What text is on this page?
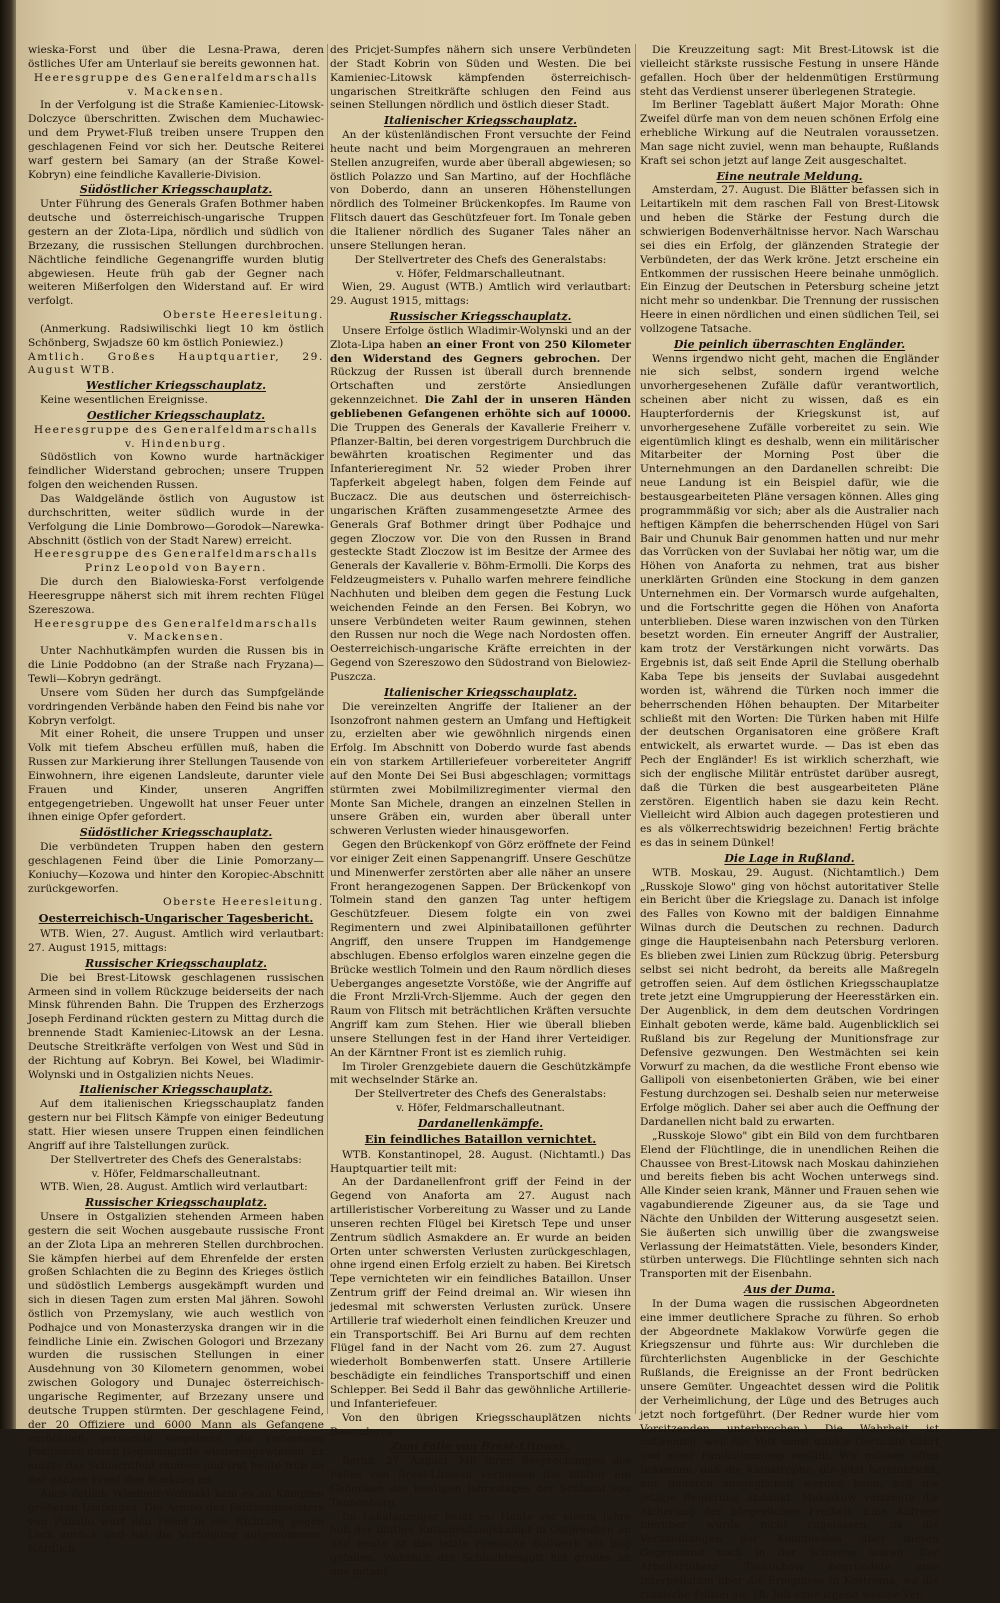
wieska-Forst und über die Lesna-Prawa, deren östliches Ufer am Unterlauf sie bereits gewonnen hat.

Heeresgruppe des Generalfeldmarschalls v. Mackensen.

In der Verfolgung ist die Straße Kamieniec-Litowsk-Dolczyce überschritten. Zwischen dem Muchawiec- und dem Prywet-Fluß treiben unsere Truppen den geschlagenen Feind vor sich her. Deutsche Reiterei warf gestern bei Samary (an der Straße Kowel-Kobryn) eine feindliche Kavallerie-Division.

Südöstlicher Kriegsschauplatz.

Unter Führung des Generals Grafen Bothmer haben deutsche und österreichisch-ungarische Truppen gestern an der Zlota-Lipa, nördlich und südlich von Brzezany, die russischen Stellungen durchbrochen. Nächtliche feindliche Gegenangriffe wurden blutig abgewiesen. Heute früh gab der Gegner nach weiteren Mißerfolgen den Widerstand auf. Er wird verfolgt.

Oberste Heeresleitung.

(Anmerkung. Radsiwilischki liegt 10 km östlich Schönberg, Swjadsze 60 km östlich Poniewiez.)

Amtlich. Großes Hauptquartier, 29. August WTB.

Westlicher Kriegsschauplatz.

Keine wesentlichen Ereignisse.

Oestlicher Kriegsschauplatz.

Heeresgruppe des Generalfeldmarschalls v. Hindenburg.

Südöstlich von Kowno wurde hartnäckiger feindlicher Widerstand gebrochen; unsere Truppen folgen den weichenden Russen.

Das Waldgelände östlich von Augustow ist durchschritten, weiter südlich wurde in der Verfolgung die Linie Dombrowo—Gorodok—Narewka-Abschnitt (östlich von der Stadt Narew) erreicht.

Heeresgruppe des Generalfeldmarschalls Prinz Leopold von Bayern.

Die durch den Bialowieska-Forst verfolgende Heeresgruppe näherst sich mit ihrem rechten Flügel Szereszowa.

Heeresgruppe des Generalfeldmarschalls v. Mackensen.

Unter Nachhutkämpfen wurden die Russen bis in die Linie Poddobno (an der Straße nach Fryzana)—Tewli—Kobryn gedrängt.

Unsere vom Süden her durch das Sumpfgelände vordringenden Verbände haben den Feind bis nahe vor Kobryn verfolgt.

Mit einer Roheit, die unsere Truppen und unser Volk mit tiefem Abscheu erfüllen muß, haben die Russen zur Markierung ihrer Stellungen Tausende von Einwohnern, ihre eigenen Landsleute, darunter viele Frauen und Kinder, unseren Angriffen entgegengetrieben. Ungewollt hat unser Feuer unter ihnen einige Opfer gefordert.

Südöstlicher Kriegsschauplatz.

Die verbündeten Truppen haben den gestern geschlagenen Feind über die Linie Pomorzany—Koniuchy—Kozowa und hinter den Koropiec-Abschnitt zurückgeworfen.

Oberste Heeresleitung.

Oesterreichisch-Ungarischer Tagesbericht.

WTB. Wien, 27. August. Amtlich wird verlautbart: 27. August 1915, mittags:

Russischer Kriegsschauplatz.

Die bei Brest-Litowsk geschlagenen russischen Armeen sind in vollem Rückzuge beiderseits der nach Minsk führenden Bahn. Die Truppen des Erzherzogs Joseph Ferdinand rückten gestern zu Mittag durch die brennende Stadt Kamieniec-Litowsk an der Lesna. Deutsche Streitkräfte verfolgen von West und Süd in der Richtung auf Kobryn. Bei Kowel, bei Wladimir-Wolynski und in Ostgalizien nichts Neues.

Italienischer Kriegsschauplatz.

Auf dem italienischen Kriegsschauplatz fanden gestern nur bei Flitsch Kämpfe von einiger Bedeutung statt. Hier wiesen unsere Truppen einen feindlichen Angriff auf ihre Talstellungen zurück.

Der Stellvertreter des Chefs des Generalstabs:

v. Höfer, Feldmarschalleutnant.

WTB. Wien, 28. August. Amtlich wird verlautbart:

Russischer Kriegsschauplatz.

Unsere in Ostgalizien stehenden Armeen haben gestern die seit Wochen ausgebaute russische Front an der Zlota Lipa an mehreren Stellen durchbrochen. Sie kämpfen hierbei auf dem Ehrenfelde der ersten großen Schlachten die zu Beginn des Krieges östlich und südöstlich Lembergs ausgekämpft wurden und sich in diesen Tagen zum ersten Mal jähren. Sowohl östlich von Przemyslany, wie auch westlich von Podhajce und von Monasterzyska drangen wir in die feindliche Linie ein. Zwischen Gologori und Brzezany wurden die russischen Stellungen in einer Ausdehnung von 30 Kilometern genommen, wobei zwischen Gologory und Dunajec österreichisch-ungarische Regimenter, auf Brzezany unsere und deutsche Truppen stürmten. Der geschlagene Feind, der 20 Offiziere und 6000 Mann als Gefangene zurückließ, versuchte vergebens, die verlorenen Positionen durch Gegenangriffe wiederzugewinnen. Er mußte das Schlachtfeld räumen und trat heute früh an der ganzen Front den Rückzug an.

Auch östlich Wladimir-Wolinski kam es zu Kämpfen größeren Umfanges. Die Armee des Feldzeugmeisters von Puhallo warf den Feind in der Richtung gegen Luck zurück und hat die Verfolgung aufgenommen. Nördlich

des Pricjet-Sumpfes nähern sich unsere Verbündeten der Stadt Kobrin von Süden und Westen. Die bei Kamieniec-Litowsk kämpfenden österreichisch-ungarischen Streitkräfte schlugen den Feind aus seinen Stellungen nördlich und östlich dieser Stadt.

Italienischer Kriegsschauplatz.

An der küstenländischen Front versuchte der Feind heute nacht und beim Morgengrauen an mehreren Stellen anzugreifen, wurde aber überall abgewiesen; so östlich Polazzo und San Martino, auf der Hochfläche von Doberdo, dann an unseren Höhenstellungen nördlich des Tolmeiner Brückenkopfes. Im Raume von Flitsch dauert das Geschützfeuer fort. Im Tonale geben die Italiener nördlich des Suganer Tales näher an unsere Stellungen heran.

Der Stellvertreter des Chefs des Generalstabs:

v. Höfer, Feldmarschalleutnant.

Wien, 29. August (WTB.) Amtlich wird verlautbart: 29. August 1915, mittags:

Russischer Kriegsschauplatz.

Unsere Erfolge östlich Wladimir-Wolynski und an der Zlota-Lipa haben an einer Front von 250 Kilometer den Widerstand des Gegners gebrochen. Der Rückzug der Russen ist überall durch brennende Ortschaften und zerstörte Ansiedlungen gekennzeichnet. Die Zahl der in unseren Händen gebliebenen Gefangenen erhöhte sich auf 10000. Die Truppen des Generals der Kavallerie Freiherr v. Pflanzer-Baltin, bei deren vorgestrigem Durchbruch die bewährten kroatischen Regimenter und das Infanterieregiment Nr. 52 wieder Proben ihrer Tapferkeit abgelegt haben, folgen dem Feinde auf Buczacz. Die aus deutschen und österreichisch-ungarischen Kräften zusammengesetzte Armee des Generals Graf Bothmer dringt über Podhajce und gegen Zloczow vor. Die von den Russen in Brand gesteckte Stadt Zloczow ist im Besitze der Armee des Generals der Kavallerie v. Böhm-Ermolli. Die Korps des Feldzeugmeisters v. Puhallo warfen mehrere feindliche Nachhuten und bleiben dem gegen die Festung Luck weichenden Feinde an den Fersen. Bei Kobryn, wo unsere Verbündeten weiter Raum gewinnen, stehen den Russen nur noch die Wege nach Nordosten offen. Oesterreichisch-ungarische Kräfte erreichten in der Gegend von Szereszowo den Südostrand von Bielowiez-Puszcza.

Italienischer Kriegsschauplatz.

Die vereinzelten Angriffe der Italiener an der Isonzofront nahmen gestern an Umfang und Heftigkeit zu, erzielten aber wie gewöhnlich nirgends einen Erfolg. Im Abschnitt von Doberdo wurde fast abends ein von starkem Artilleriefeuer vorbereiteter Angriff auf den Monte Dei Sei Busi abgeschlagen; vormittags stürmten zwei Mobilmilizregimenter viermal den Monte San Michele, drangen an einzelnen Stellen in unsere Gräben ein, wurden aber überall unter schweren Verlusten wieder hinausgeworfen.

Gegen den Brückenkopf von Görz eröffnete der Feind vor einiger Zeit einen Sappenangriff. Unsere Geschütze und Minenwerfer zerstörten aber alle näher an unsere Front herangezogenen Sappen. Der Brückenkopf von Tolmein stand den ganzen Tag unter heftigem Geschützfeuer. Diesem folgte ein von zwei Regimentern und zwei Alpinibataillonen geführter Angriff, den unsere Truppen im Handgemenge abschlugen. Ebenso erfolglos waren einzelne gegen die Brücke westlich Tolmein und den Raum nördlich dieses Ueberganges angesetzte Vorstöße, wie der Angriffe auf die Front Mrzli-Vrch-Sljemme. Auch der gegen den Raum von Flitsch mit beträchtlichen Kräften versuchte Angriff kam zum Stehen. Hier wie überall blieben unsere Stellungen fest in der Hand ihrer Verteidiger. An der Kärntner Front ist es ziemlich ruhig.

Im Tiroler Grenzgebiete dauern die Geschützkämpfe mit wechselnder Stärke an.

Der Stellvertreter des Chefs des Generalstabs:

v. Höfer, Feldmarschalleutnant.

Dardanellenkämpfe.
Ein feindliches Bataillon vernichtet.

WTB. Konstantinopel, 28. August. (Nichtamtl.) Das Hauptquartier teilt mit:

An der Dardanellenfront griff der Feind in der Gegend von Anaforta am 27. August nach artilleristischer Vorbereitung zu Wasser und zu Lande unseren rechten Flügel bei Kiretsch Tepe und unser Zentrum südlich Asmakdere an. Er wurde an beiden Orten unter schwersten Verlusten zurückgeschlagen, ohne irgend einen Erfolg erzielt zu haben. Bei Kiretsch Tepe vernichteten wir ein feindliches Bataillon. Unser Zentrum griff der Feind dreimal an. Wir wiesen ihn jedesmal mit schwersten Verlusten zurück. Unsere Artillerie traf wiederholt einen feindlichen Kreuzer und ein Transportschiff. Bei Ari Burnu auf dem rechten Flügel fand in der Nacht vom 26. zum 27. August wiederholt Bombenwerfen statt. Unsere Artillerie beschädigte ein feindliches Transportschiff und einen Schlepper. Bei Sedd il Bahr das gewöhnliche Artillerie- und Infanteriefeuer.

Von den übrigen Kriegsschauplätzen nichts Besonderes.

Zum Falle von Brest-Litowsk.

Berlin, 27. August. Mit ihren Besprechungen des Falles von Brest-Litowsk verbinden die Blätter ein Gedenken des heutigen Jahrestages der Schlacht von Tannenburg.

Im Lokalanzeiger heißt es: Heute vor einem Jahre hob der blutige Entscheidungskampf in Ostpreußen an und heute ist das letzte russische Bollwerk am Bug gefallen. Wahrlich der Schlachtengott hat großes an uns getan!

Die Kreuzzeitung sagt: Mit Brest-Litowsk ist die vielleicht stärkste russische Festung in unsere Hände gefallen. Hoch über der heldenmütigen Erstürmung steht das Verdienst unserer überlegenen Strategie.

Im Berliner Tageblatt äußert Major Morath: Ohne Zweifel dürfe man von dem neuen schönen Erfolg eine erhebliche Wirkung auf die Neutralen voraussetzen. Man sage nicht zuviel, wenn man behaupte, Rußlands Kraft sei schon jetzt auf lange Zeit ausgeschaltet.

Eine neutrale Meldung.

Amsterdam, 27. August. Die Blätter befassen sich in Leitartikeln mit dem raschen Fall von Brest-Litowsk und heben die Stärke der Festung durch die schwierigen Bodenverhältnisse hervor. Nach Warschau sei dies ein Erfolg, der glänzenden Strategie der Verbündeten, der das Werk kröne. Jetzt erscheine ein Entkommen der russischen Heere beinahe unmöglich. Ein Einzug der Deutschen in Petersburg scheine jetzt nicht mehr so undenkbar. Die Trennung der russischen Heere in einen nördlichen und einen südlichen Teil, sei vollzogene Tatsache.

Die peinlich überraschten Engländer.

Wenns irgendwo nicht geht, machen die Engländer nie sich selbst, sondern irgend welche unvorhergesehenen Zufälle dafür verantwortlich, scheinen aber nicht zu wissen, daß es ein Haupterfordernis der Kriegskunst ist, auf unvorhergesehene Zufälle vorbereitet zu sein. Wie eigentümlich klingt es deshalb, wenn ein militärischer Mitarbeiter der Morning Post über die Unternehmungen an den Dardanellen schreibt: Die neue Landung ist ein Beispiel dafür, wie die bestausgearbeiteten Pläne versagen können. Alles ging programmmäßig vor sich; aber als die Australier nach heftigen Kämpfen die beherrschenden Hügel von Sari Bair und Chunuk Bair genommen hatten und nur mehr das Vorrücken von der Suvlabai her nötig war, um die Höhen von Anaforta zu nehmen, trat aus bisher unerklärten Gründen eine Stockung in dem ganzen Unternehmen ein. Der Vormarsch wurde aufgehalten, und die Fortschritte gegen die Höhen von Anaforta unterblieben. Diese waren inzwischen von den Türken besetzt worden. Ein erneuter Angriff der Australier, kam trotz der Verstärkungen nicht vorwärts. Das Ergebnis ist, daß seit Ende April die Stellung oberhalb Kaba Tepe bis jenseits der Suvlabai ausgedehnt worden ist, während die Türken noch immer die beherrschenden Höhen behaupten. Der Mitarbeiter schließt mit den Worten: Die Türken haben mit Hilfe der deutschen Organisatoren eine größere Kraft entwickelt, als erwartet wurde. — Das ist eben das Pech der Engländer! Es ist wirklich scherzhaft, wie sich der englische Militär entrüstet darüber ausregt, daß die Türken die best ausgearbeiteten Pläne zerstören. Eigentlich haben sie dazu kein Recht. Vielleicht wird Albion auch dagegen protestieren und es als völkerrechtswidrig bezeichnen! Fertig brächte es das in seinem Dünkel!

Die Lage in Rußland.

WTB. Moskau, 29. August. (Nichtamtlich.) Dem „Russkoje Slowo" ging von höchst autoritativer Stelle ein Bericht über die Kriegslage zu. Danach ist infolge des Falles von Kowno mit der baldigen Einnahme Wilnas durch die Deutschen zu rechnen. Dadurch ginge die Haupteisenbahn nach Petersburg verloren. Es blieben zwei Linien zum Rückzug übrig. Petersburg selbst sei nicht bedroht, da bereits alle Maßregeln getroffen seien. Auf dem östlichen Kriegsschauplatze trete jetzt eine Umgruppierung der Heeresstärken ein. Der Augenblick, in dem dem deutschen Vordringen Einhalt geboten werde, käme bald. Augenblicklich sei Rußland bis zur Regelung der Munitionsfrage zur Defensive gezwungen. Den Westmächten sei kein Vorwurf zu machen, da die westliche Front ebenso wie Gallipoli von eisenbetonierten Gräben, wie bei einer Festung durchzogen sei. Deshalb seien nur meterweise Erfolge möglich. Daher sei aber auch die Oeffnung der Dardanellen nicht bald zu erwarten.

„Russkoje Slowo" gibt ein Bild von dem furchtbaren Elend der Flüchtlinge, die in unendlichen Reihen die Chaussee von Brest-Litowsk nach Moskau dahinziehen und bereits fieben bis acht Wochen unterwegs sind. Alle Kinder seien krank, Männer und Frauen sehen wie vagabundierende Zigeuner aus, da sie Tage und Nächte den Unbilden der Witterung ausgesetzt seien. Sie äußerten sich unwillig über die zwangsweise Verlassung der Heimatstätten. Viele, besonders Kinder, stürben unterwegs. Die Flüchtlinge sehnten sich nach Transporten mit der Eisenbahn.

Aus der Duma.

In der Duma wagen die russischen Abgeordneten eine immer deutlichere Sprache zu führen. So erhob der Abgeordnete Maklakow Vorwürfe gegen die Kriegszensur und führte aus: Wir durchleben die fürchterlichsten Augenblicke in der Geschichte Rußlands, die Ereignisse an der Front bedrücken unsere Gemüter. Ungeachtet dessen wird die Politik der Verheimlichung, der Lüge und des Betruges auch jetzt noch fortgeführt. (Der Redner wurde hier vom Vorsitzenden unterbrochen.) Die Wahrheit ist notwendig, weil das Volk sonst dunkle Gerüchte nährt und einer Panikstimmung verfällt. Wir müssen offen bekennen, daß die Katastrophe, die jetzt hereinbricht, nur dadurch ausgeglichen werden kann, daß die jetzige Regierung abdankt. Maklakow verlangte die Sicherung der bürgerlichen Freiheit. Eine Anfrage hierüber wurde nicht zugelassen, da die Verhandlungen der Kommission über diesen Gegenstand noch in der Schwebe waren. Der Arbeiterführer Tschuchow begründete eine Interpellation über die Ereignisse in Kostroma, wo die russische Polizei am 18. Juli ohne irgend welche Ver-
